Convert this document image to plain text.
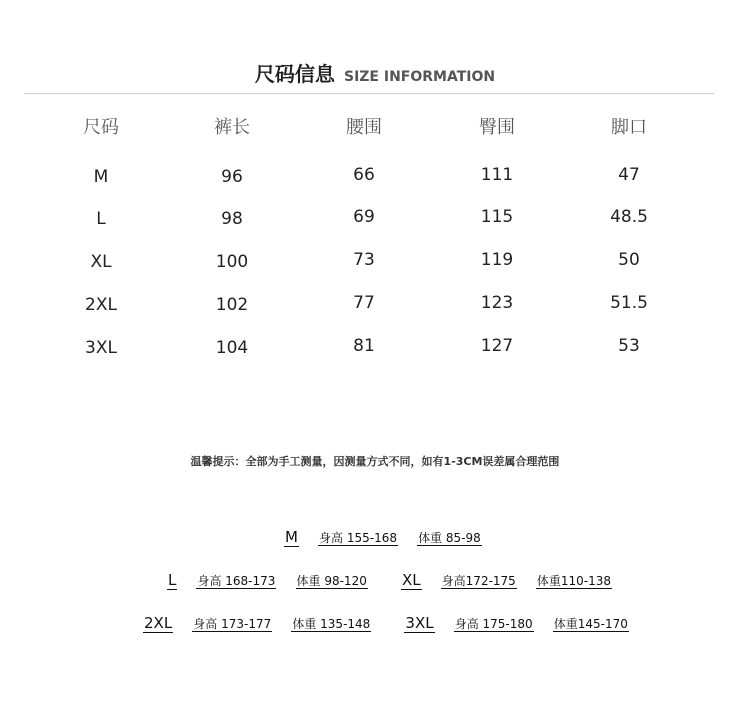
尺码信息 SIZE INFORMATION
尺码	裤长	腰围	臀围	脚口
M	96	66	111	47
L	98	69	115	48.5
XL	100	73	119	50
2XL	102	77	123	51.5
3XL	104	81	127	53
温馨提示：全部为手工测量，因测量方式不同，如有1-3CM误差属合理范围
M 身高 155-168 体重 85-98
L 身高 168-173 体重 98-120 XL 身高172-175 体重110-138
2XL 身高 173-177 体重 135-148 3XL 身高 175-180 体重145-170
